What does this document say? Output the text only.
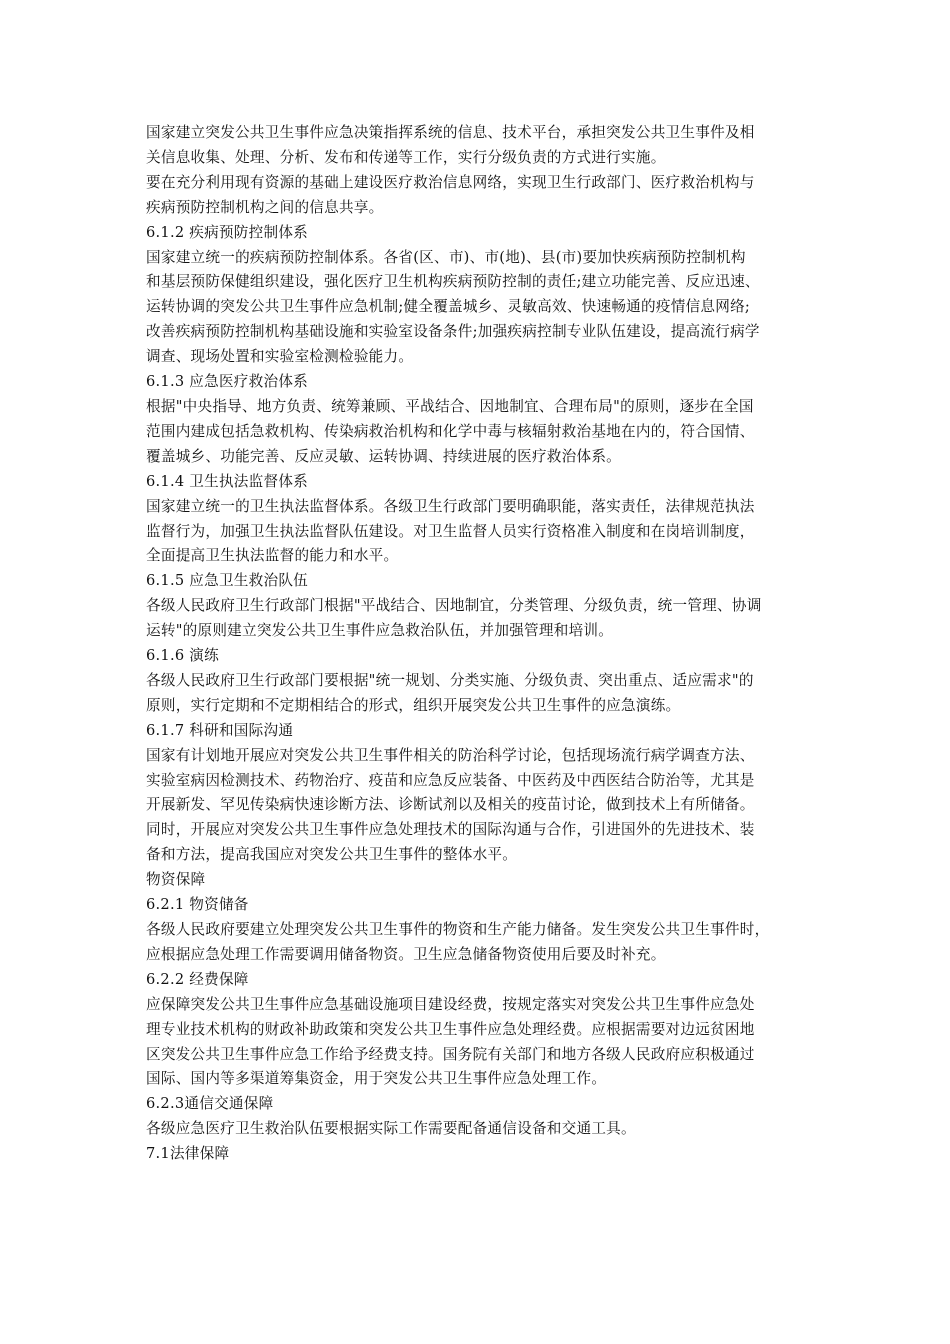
国家建立突发公共卫生事件应急决策指挥系统的信息、技术平台，承担突发公共卫生事件及相
关信息收集、处理、分析、发布和传递等工作，实行分级负责的方式进行实施。
要在充分利用现有资源的基础上建设医疗救治信息网络，实现卫生行政部门、医疗救治机构与
疾病预防控制机构之间的信息共享。
6.1.2 疾病预防控制体系
国家建立统一的疾病预防控制体系。各省(区、市)、市(地)、县(市)要加快疾病预防控制机构
和基层预防保健组织建设，强化医疗卫生机构疾病预防控制的责任;建立功能完善、反应迅速、
运转协调的突发公共卫生事件应急机制;健全覆盖城乡、灵敏高效、快速畅通的疫情信息网络;
改善疾病预防控制机构基础设施和实验室设备条件;加强疾病控制专业队伍建设，提高流行病学
调查、现场处置和实验室检测检验能力。
6.1.3 应急医疗救治体系
根据"中央指导、地方负责、统筹兼顾、平战结合、因地制宜、合理布局"的原则，逐步在全国
范围内建成包括急救机构、传染病救治机构和化学中毒与核辐射救治基地在内的，符合国情、
覆盖城乡、功能完善、反应灵敏、运转协调、持续进展的医疗救治体系。
6.1.4 卫生执法监督体系
国家建立统一的卫生执法监督体系。各级卫生行政部门要明确职能，落实责任，法律规范执法
监督行为，加强卫生执法监督队伍建设。对卫生监督人员实行资格准入制度和在岗培训制度，
全面提高卫生执法监督的能力和水平。
6.1.5 应急卫生救治队伍
各级人民政府卫生行政部门根据"平战结合、因地制宜，分类管理、分级负责，统一管理、协调
运转"的原则建立突发公共卫生事件应急救治队伍，并加强管理和培训。
6.1.6 演练
各级人民政府卫生行政部门要根据"统一规划、分类实施、分级负责、突出重点、适应需求"的
原则，实行定期和不定期相结合的形式，组织开展突发公共卫生事件的应急演练。
6.1.7 科研和国际沟通
国家有计划地开展应对突发公共卫生事件相关的防治科学讨论，包括现场流行病学调查方法、
实验室病因检测技术、药物治疗、疫苗和应急反应装备、中医药及中西医结合防治等，尤其是
开展新发、罕见传染病快速诊断方法、诊断试剂以及相关的疫苗讨论，做到技术上有所储备。
同时，开展应对突发公共卫生事件应急处理技术的国际沟通与合作，引进国外的先进技术、装
备和方法，提高我国应对突发公共卫生事件的整体水平。
物资保障
6.2.1 物资储备
各级人民政府要建立处理突发公共卫生事件的物资和生产能力储备。发生突发公共卫生事件时，
应根据应急处理工作需要调用储备物资。卫生应急储备物资使用后要及时补充。
6.2.2 经费保障
应保障突发公共卫生事件应急基础设施项目建设经费，按规定落实对突发公共卫生事件应急处
理专业技术机构的财政补助政策和突发公共卫生事件应急处理经费。应根据需要对边远贫困地
区突发公共卫生事件应急工作给予经费支持。国务院有关部门和地方各级人民政府应积极通过
国际、国内等多渠道筹集资金，用于突发公共卫生事件应急处理工作。
6.2.3通信交通保障
各级应急医疗卫生救治队伍要根据实际工作需要配备通信设备和交通工具。
7.1法律保障
